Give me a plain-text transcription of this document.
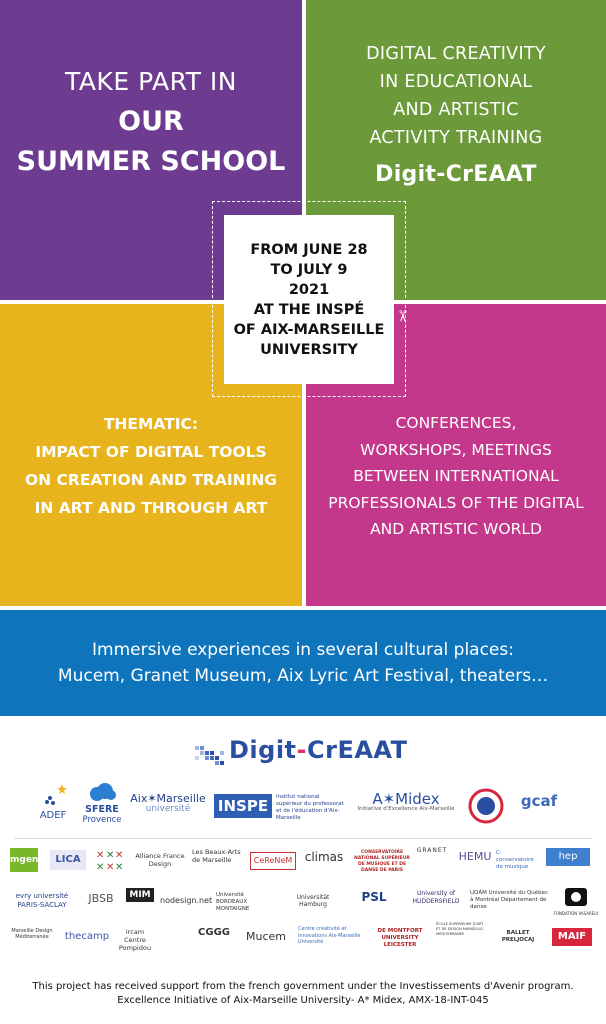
TAKE PART IN
OUR
SUMMER SCHOOL
DIGITAL CREATIVITY
IN EDUCATIONAL
AND ARTISTIC
ACTIVITY TRAINING
Digit-CrEAAT
THEMATIC:
IMPACT OF DIGITAL TOOLS
ON CREATION AND TRAINING
IN ART AND THROUGH ART
CONFERENCES,
WORKSHOPS, MEETINGS
BETWEEN INTERNATIONAL
PROFESSIONALS OF THE DIGITAL
AND ARTISTIC WORLD
FROM JUNE 28
TO JULY 9
2021
AT THE INSPÉ
OF AIX-MARSEILLE
UNIVERSITY
✂
Immersive experiences in several cultural places:
Mucem, Granet Museum, Aix Lyric Art Festival, theaters…
Digit-CrEAAT
ADEF
SFERE
Provence
Aix✶Marseille
université	INSPE	Institut national supérieur du professorat et de l'éducation d'Aix-Marseille
A✶Midex
Initiative d'Excellence Aix-Marseille	gcaf
mgen	LICA	✕ ✕ ✕
✕ ✕ ✕
Alliance France Design
Les Beaux-Arts de Marseille	CeReNeM	climas	CONSERVATOIRE NATIONAL SUPÉRIEUR DE MUSIQUE ET DE DANSE DE PARIS
GRANET HEMU C: conservatoire de musique
hep
evry université PARIS-SACLAY	JBSB	MIM
nodesign.net
Université BORDEAUX MONTAIGNE
Universität Hamburg
PSL	University of HUDDERSFIELD
UQÀM Université du Québec à Montréal Département de danse
FONDATION VASARELY
Marseille Design Méditerranée	thecamp	ircam Centre Pompidou
CGGG	Mucem
Centre créativité et innovations Aix-Marseille Université
DE MONTFORT UNIVERSITY LEICESTER
ÉCOLE SUPÉRIEURE D'ART ET DE DESIGN MARSEILLE-MÉDITERRANÉE	BALLET PRELJOCAJ	MAIF
This project has received support from the french government under the Investissements d'Avenir program.
Excellence Initiative of Aix-Marseille University- A* Midex, AMX-18-INT-045
